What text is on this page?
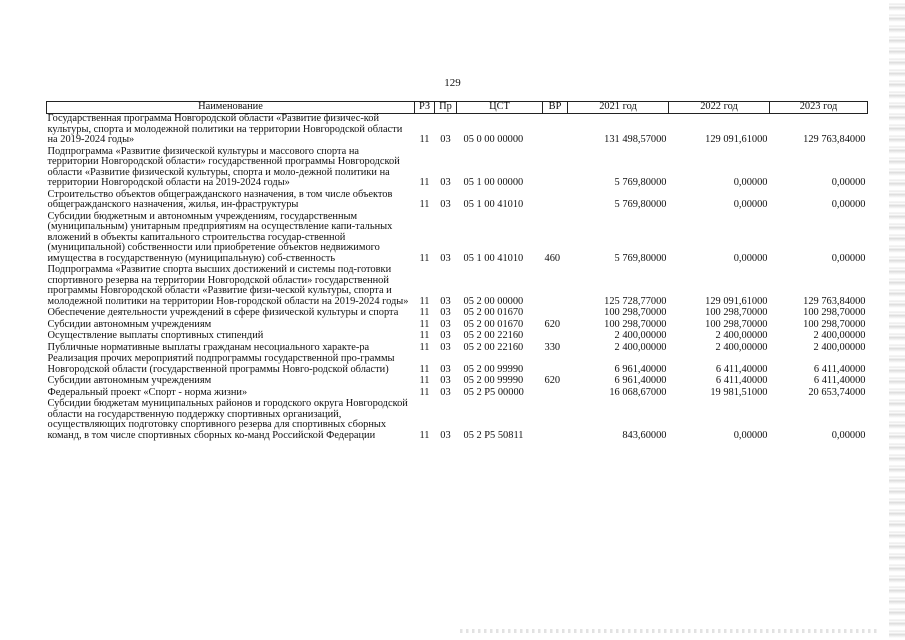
129
Наименование	РЗ	Пр	ЦСТ	ВР	2021 год	2022 год	2023 год
Государственная программа Новгородской области «Развитие физичес-кой культуры, спорта и молодежной политики на территории Новгородской области на 2019-2024 годы»	11	03	05 0 00 00000		131 498,57000	129 091,61000	129 763,84000
Подпрограмма «Развитие физической культуры и массового спорта на территории Новгородской области» государственной программы Новгородской области «Развитие физической культуры, спорта и моло-дежной политики на территории Новгородской области на 2019-2024 годы»	11	03	05 1 00 00000		5 769,80000	0,00000	0,00000
Строительство объектов общегражданского назначения, в том числе объектов общегражданского назначения, жилья, ин-фраструктуры	11	03	05 1 00 41010		5 769,80000	0,00000	0,00000
Субсидии бюджетным и автономным учреждениям, государственным (муниципальным) унитарным предприятиям на осуществление капи-тальных вложений в объекты капитального строительства государ-ственной (муниципальной) собственности или приобретение объектов недвижимого имущества в государственную (муниципальную) соб-ственность	11	03	05 1 00 41010	460	5 769,80000	0,00000	0,00000
Подпрограмма «Развитие спорта высших достижений и системы под-готовки спортивного резерва на территории Новгородской области» государственной программы Новгородской области «Развитие физи-ческой культуры, спорта и молодежной политики на территории Нов-городской области на 2019-2024 годы»	11	03	05 2 00 00000		125 728,77000	129 091,61000	129 763,84000
Обеспечение деятельности учреждений в сфере физической культуры и спорта	11	03	05 2 00 01670		100 298,70000	100 298,70000	100 298,70000
Субсидии автономным учреждениям	11	03	05 2 00 01670	620	100 298,70000	100 298,70000	100 298,70000
Осуществление выплаты спортивных стипендий	11	03	05 2 00 22160		2 400,00000	2 400,00000	2 400,00000
Публичные нормативные выплаты гражданам несоциального характе-ра	11	03	05 2 00 22160	330	2 400,00000	2 400,00000	2 400,00000
Реализация прочих мероприятий подпрограммы государственной про-граммы Новгородской области (государственной программы Новго-родской области)	11	03	05 2 00 99990		6 961,40000	6 411,40000	6 411,40000
Субсидии автономным учреждениям	11	03	05 2 00 99990	620	6 961,40000	6 411,40000	6 411,40000
Федеральный проект «Спорт - норма жизни»	11	03	05 2 P5 00000		16 068,67000	19 981,51000	20 653,74000
Субсидии бюджетам муниципальных районов и городского округа Новгородской области на государственную поддержку спортивных организаций, осуществляющих подготовку спортивного резерва для спортивных сборных команд, в том числе спортивных сборных ко-манд Российской Федерации	11	03	05 2 P5 50811		843,60000	0,00000	0,00000
